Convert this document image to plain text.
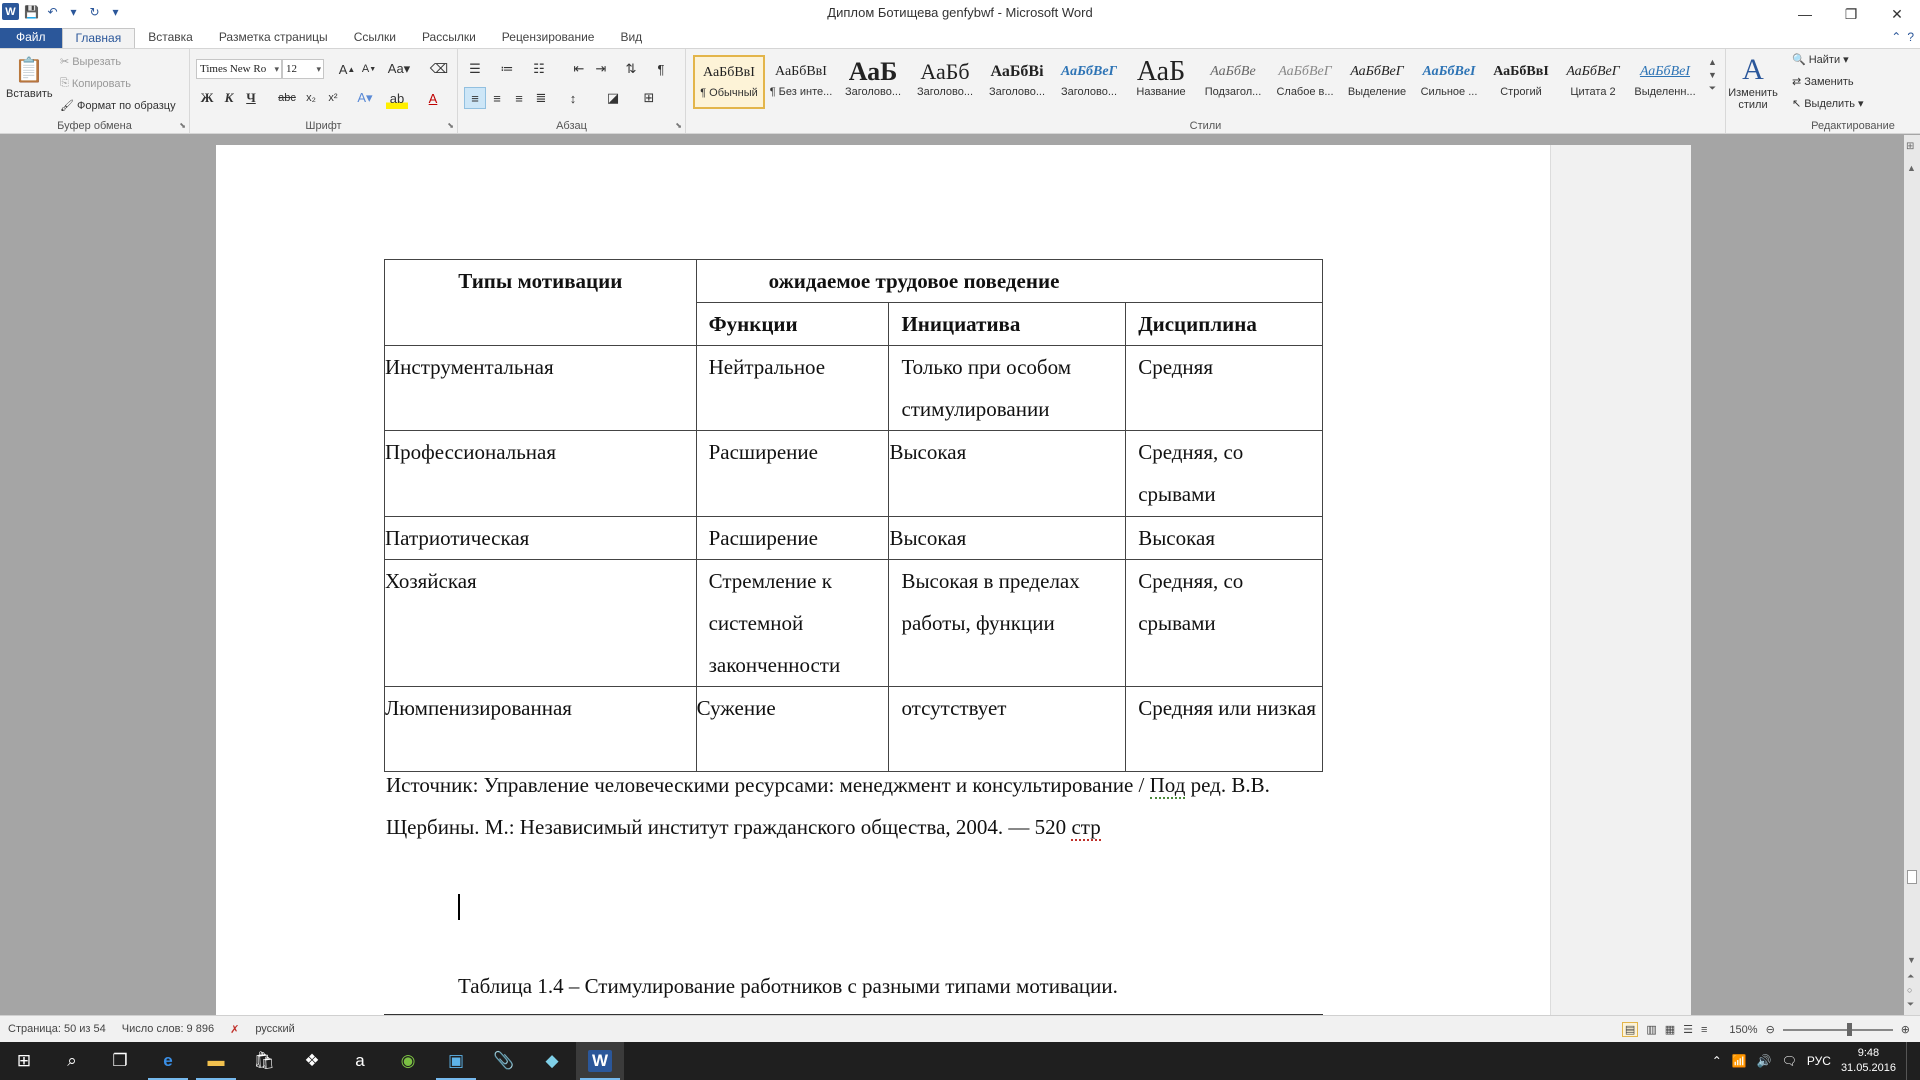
W 💾 ↶	▾	↻	▾	Диплом Ботищева genfybwf - Microsoft Word	—	❐	✕
Файл	Главная	Вставка	Разметка страницы	Ссылки	Рассылки	Рецензирование	Вид	⌃ ?
📋
Вставить
✂ Вырезать
⎘ Копировать
🖌 Формат по образцу
Буфер обмена	⬊
Times New Ro ▾	12 ▾	A ▲ A ▼ Aa▾ ⌫
Ж К Ч	abc x₂	x²	A▾ ab	A
Шрифт	⬊
☰	≔	☷	⇤ ⇥	⇅	¶
≡	≡	≡ ≣	↕	◪	⊞
Абзац	⬊	Стили
АаБбВвІ
¶ Обычный
АаБбВвІ
¶ Без инте...
АаБ
Заголово...
АаБб
Заголово...
АаБбВі
Заголово...
АаБбВеГ
Заголово...
АаБ
Название
АаБбВе
Подзагол...
АаБбВеГ
Слабое в...
АаБбВеГ
Выделение
АаБбВеІ
Сильное ...
АаБбВвІ
Строгий
АаБбВеГ
Цитата 2
АаБбВеІ
Выделенн...
▲
▼
⏷
A
Изменить стили
🔍 Найти ▾
⇄ Заменить
↖ Выделить ▾
Редактирование
Типы мотивации	ожидаемое трудовое поведение		
	Функции	Инициатива	Дисциплина
Инструментальная	Нейтральное	Только при особом стимулировании	Средняя
Профессиональная	Расширение	Высокая	Средняя, со срывами
Патриотическая	Расширение	Высокая	Высокая
Хозяйская	Стремление к системной законченности	Высокая в пределах работы, функции	Средняя, со срывами
Люмпенизированная	Сужение	отсутствует	Средняя или низкая
Источник: Управление человеческими ресурсами: менеджмент и консультирование / Под ред. В.В. Щербины. М.: Независимый институт гражданского общества, 2004. — 520 стр
Таблица 1.4 – Стимулирование работников с разными типами мотивации.
⊞
▲
▼
⏶
○
⏷
Страница: 50 из 54	Число слов: 9 896	✗	русский	▤ ▥ ▦ ☰ ≡ 150% ⊖	⊕
⊞	⌕	❐	e	▬	🛍	❖	a	◉	▣	📎	◆	W	⌃ 📶 🔊 🗨 РУС
9:48
31.05.2016
